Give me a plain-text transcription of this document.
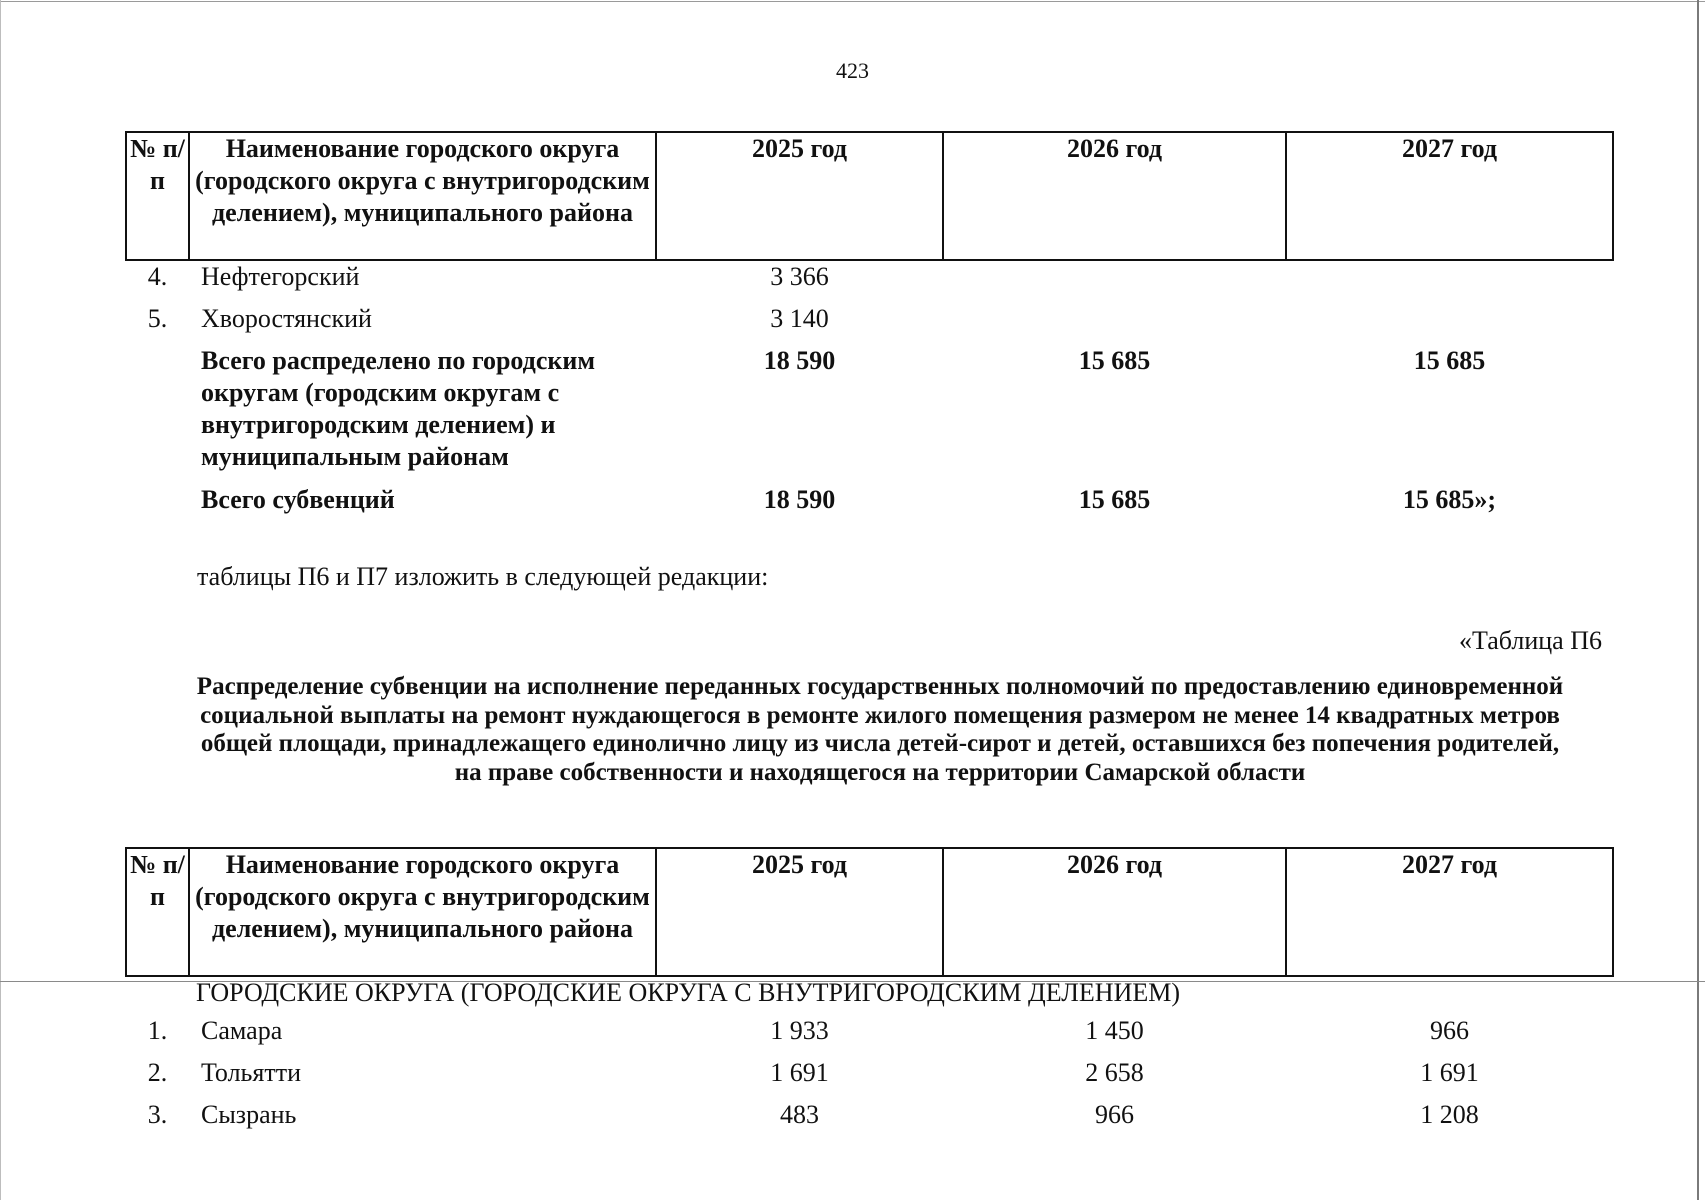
423
№ п/п	Наименование городского округа (городского округа с внутригородским делением), муниципального района	2025 год	2026 год	2027 год
4.	Нефтегорский	3 366		
5.	Хворостянский	3 140		
	Всего распределено по городским округам (городским округам с внутригородским делением) и муниципальным районам	18 590	15 685	15 685
	Всего субвенций	18 590	15 685	15 685»;
таблицы П6 и П7 изложить в следующей редакции:
«Таблица П6
Распределение субвенции на исполнение переданных государственных полномочий по предоставлению единовременной социальной выплаты на ремонт нуждающегося в ремонте жилого помещения размером не менее 14 квадратных метров общей площади, принадлежащего единолично лицу из числа детей-сирот и детей, оставшихся без попечения родителей, на праве собственности и находящегося на территории Самарской области
№ п/п	Наименование городского округа (городского округа с внутригородским делением), муниципального района	2025 год	2026 год	2027 год
ГОРОДСКИЕ ОКРУГА (ГОРОДСКИЕ ОКРУГА С ВНУТРИГОРОДСКИМ ДЕЛЕНИЕМ)				
1.	Самара	1 933	1 450	966
2.	Тольятти	1 691	2 658	1 691
3.	Сызрань	483	966	1 208
